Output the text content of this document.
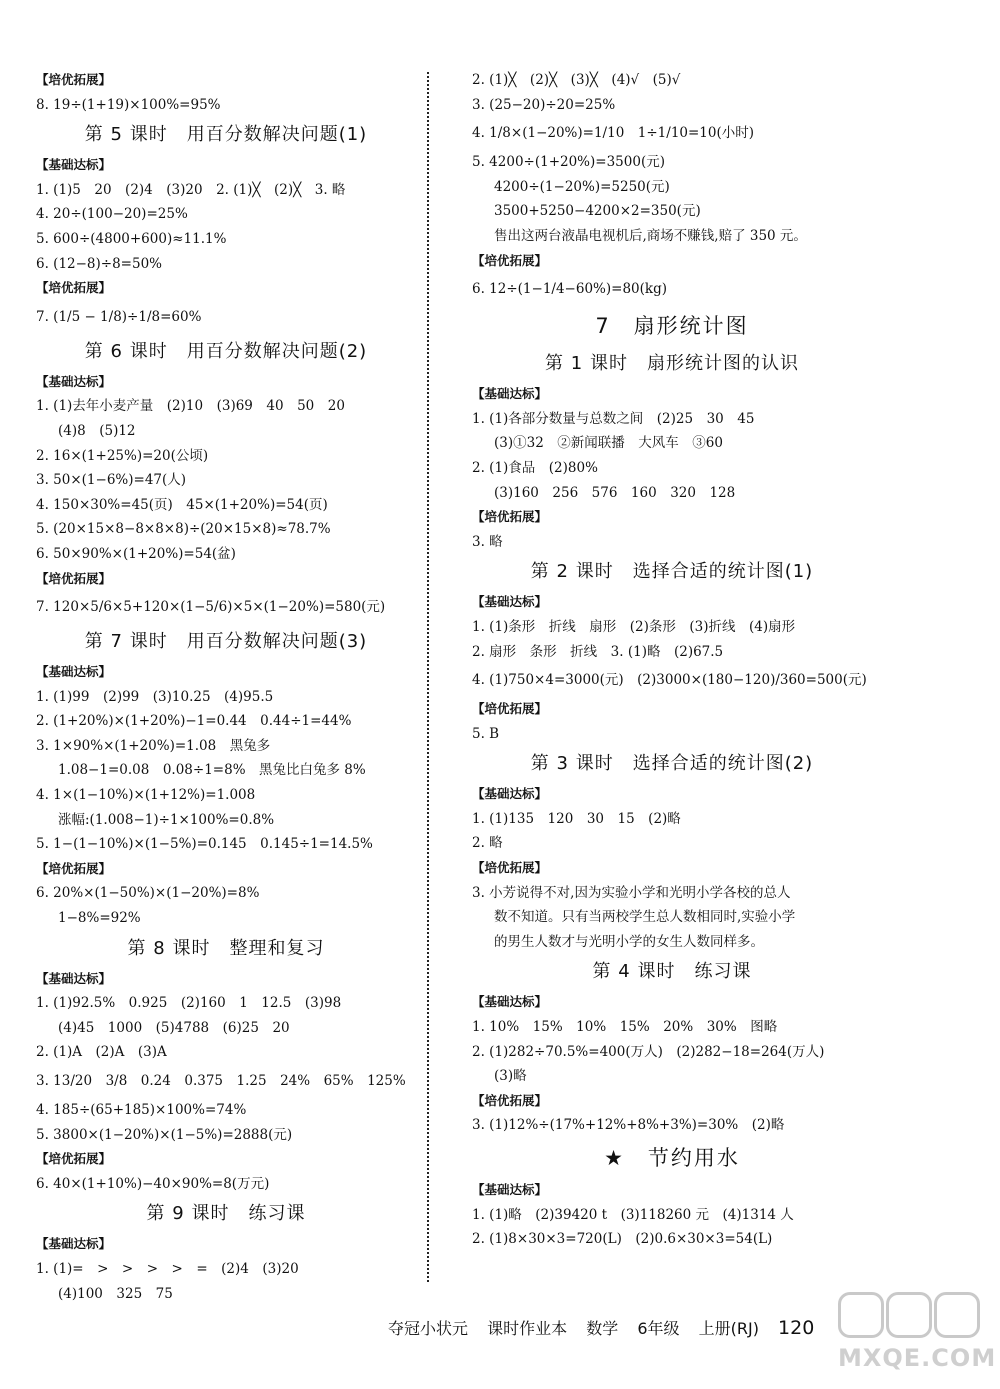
【培优拓展】
8. 19÷(1+19)×100%=95%
第 5 课时　用百分数解决问题(1)
【基础达标】
1. (1)5　20　(2)4　(3)20　2. (1)╳　(2)╳　3. 略
4. 20÷(100−20)=25%
5. 600÷(4800+600)≈11.1%
6. (12−8)÷8=50%
【培优拓展】
7. (1/5 − 1/8)÷1/8=60%
第 6 课时　用百分数解决问题(2)
【基础达标】
1. (1)去年小麦产量　(2)10　(3)69　40　50　20
(4)8　(5)12
2. 16×(1+25%)=20(公顷)
3. 50×(1−6%)=47(人)
4. 150×30%=45(页)　45×(1+20%)=54(页)
5. (20×15×8−8×8×8)÷(20×15×8)≈78.7%
6. 50×90%×(1+20%)=54(盆)
【培优拓展】
7. 120×5/6×5+120×(1−5/6)×5×(1−20%)=580(元)
第 7 课时　用百分数解决问题(3)
【基础达标】
1. (1)99　(2)99　(3)10.25　(4)95.5
2. (1+20%)×(1+20%)−1=0.44　0.44÷1=44%
3. 1×90%×(1+20%)=1.08　黑兔多
1.08−1=0.08　0.08÷1=8%　黑兔比白兔多 8%
4. 1×(1−10%)×(1+12%)=1.008
涨幅:(1.008−1)÷1×100%=0.8%
5. 1−(1−10%)×(1−5%)=0.145　0.145÷1=14.5%
【培优拓展】
6. 20%×(1−50%)×(1−20%)=8%
1−8%=92%
第 8 课时　整理和复习
【基础达标】
1. (1)92.5%　0.925　(2)160　1　12.5　(3)98
(4)45　1000　(5)4788　(6)25　20
2. (1)A　(2)A　(3)A
3. 13/20　3/8　0.24　0.375　1.25　24%　65%　125%
4. 185÷(65+185)×100%=74%
5. 3800×(1−20%)×(1−5%)=2888(元)
【培优拓展】
6. 40×(1+10%)−40×90%=8(万元)
第 9 课时　练习课
【基础达标】
1. (1)=　>　>　>　>　=　(2)4　(3)20
(4)100　325　75
2. (1)╳　(2)╳　(3)╳　(4)√　(5)√
3. (25−20)÷20=25%
4. 1/8×(1−20%)=1/10　1÷1/10=10(小时)
5. 4200÷(1+20%)=3500(元)
4200÷(1−20%)=5250(元)
3500+5250−4200×2=350(元)
售出这两台液晶电视机后,商场不赚钱,赔了 350 元。
【培优拓展】
6. 12÷(1−1/4−60%)=80(kg)
7　扇形统计图
第 1 课时　扇形统计图的认识
【基础达标】
1. (1)各部分数量与总数之间　(2)25　30　45
(3)①32　②新闻联播　大风车　③60
2. (1)食品　(2)80%
(3)160　256　576　160　320　128
【培优拓展】
3. 略
第 2 课时　选择合适的统计图(1)
【基础达标】
1. (1)条形　折线　扇形　(2)条形　(3)折线　(4)扇形
2. 扇形　条形　折线　3. (1)略　(2)67.5
4. (1)750×4=3000(元)　(2)3000×(180−120)/360=500(元)
【培优拓展】
5. B
第 3 课时　选择合适的统计图(2)
【基础达标】
1. (1)135　120　30　15　(2)略
2. 略
【培优拓展】
3. 小芳说得不对,因为实验小学和光明小学各校的总人
数不知道。只有当两校学生总人数相同时,实验小学
的男生人数才与光明小学的女生人数同样多。
第 4 课时　练习课
【基础达标】
1. 10%　15%　10%　15%　20%　30%　图略
2. (1)282÷70.5%=400(万人)　(2)282−18=264(万人)
(3)略
【培优拓展】
3. (1)12%÷(17%+12%+8%+3%)=30%　(2)略
★　节约用水
【基础达标】
1. (1)略　(2)39420 t　(3)118260 元　(4)1314 人
2. (1)8×30×3=720(L)　(2)0.6×30×3=54(L)
夺冠小状元 课时作业本 数学 6年级 上册(RJ) 120
MXQE.COM
